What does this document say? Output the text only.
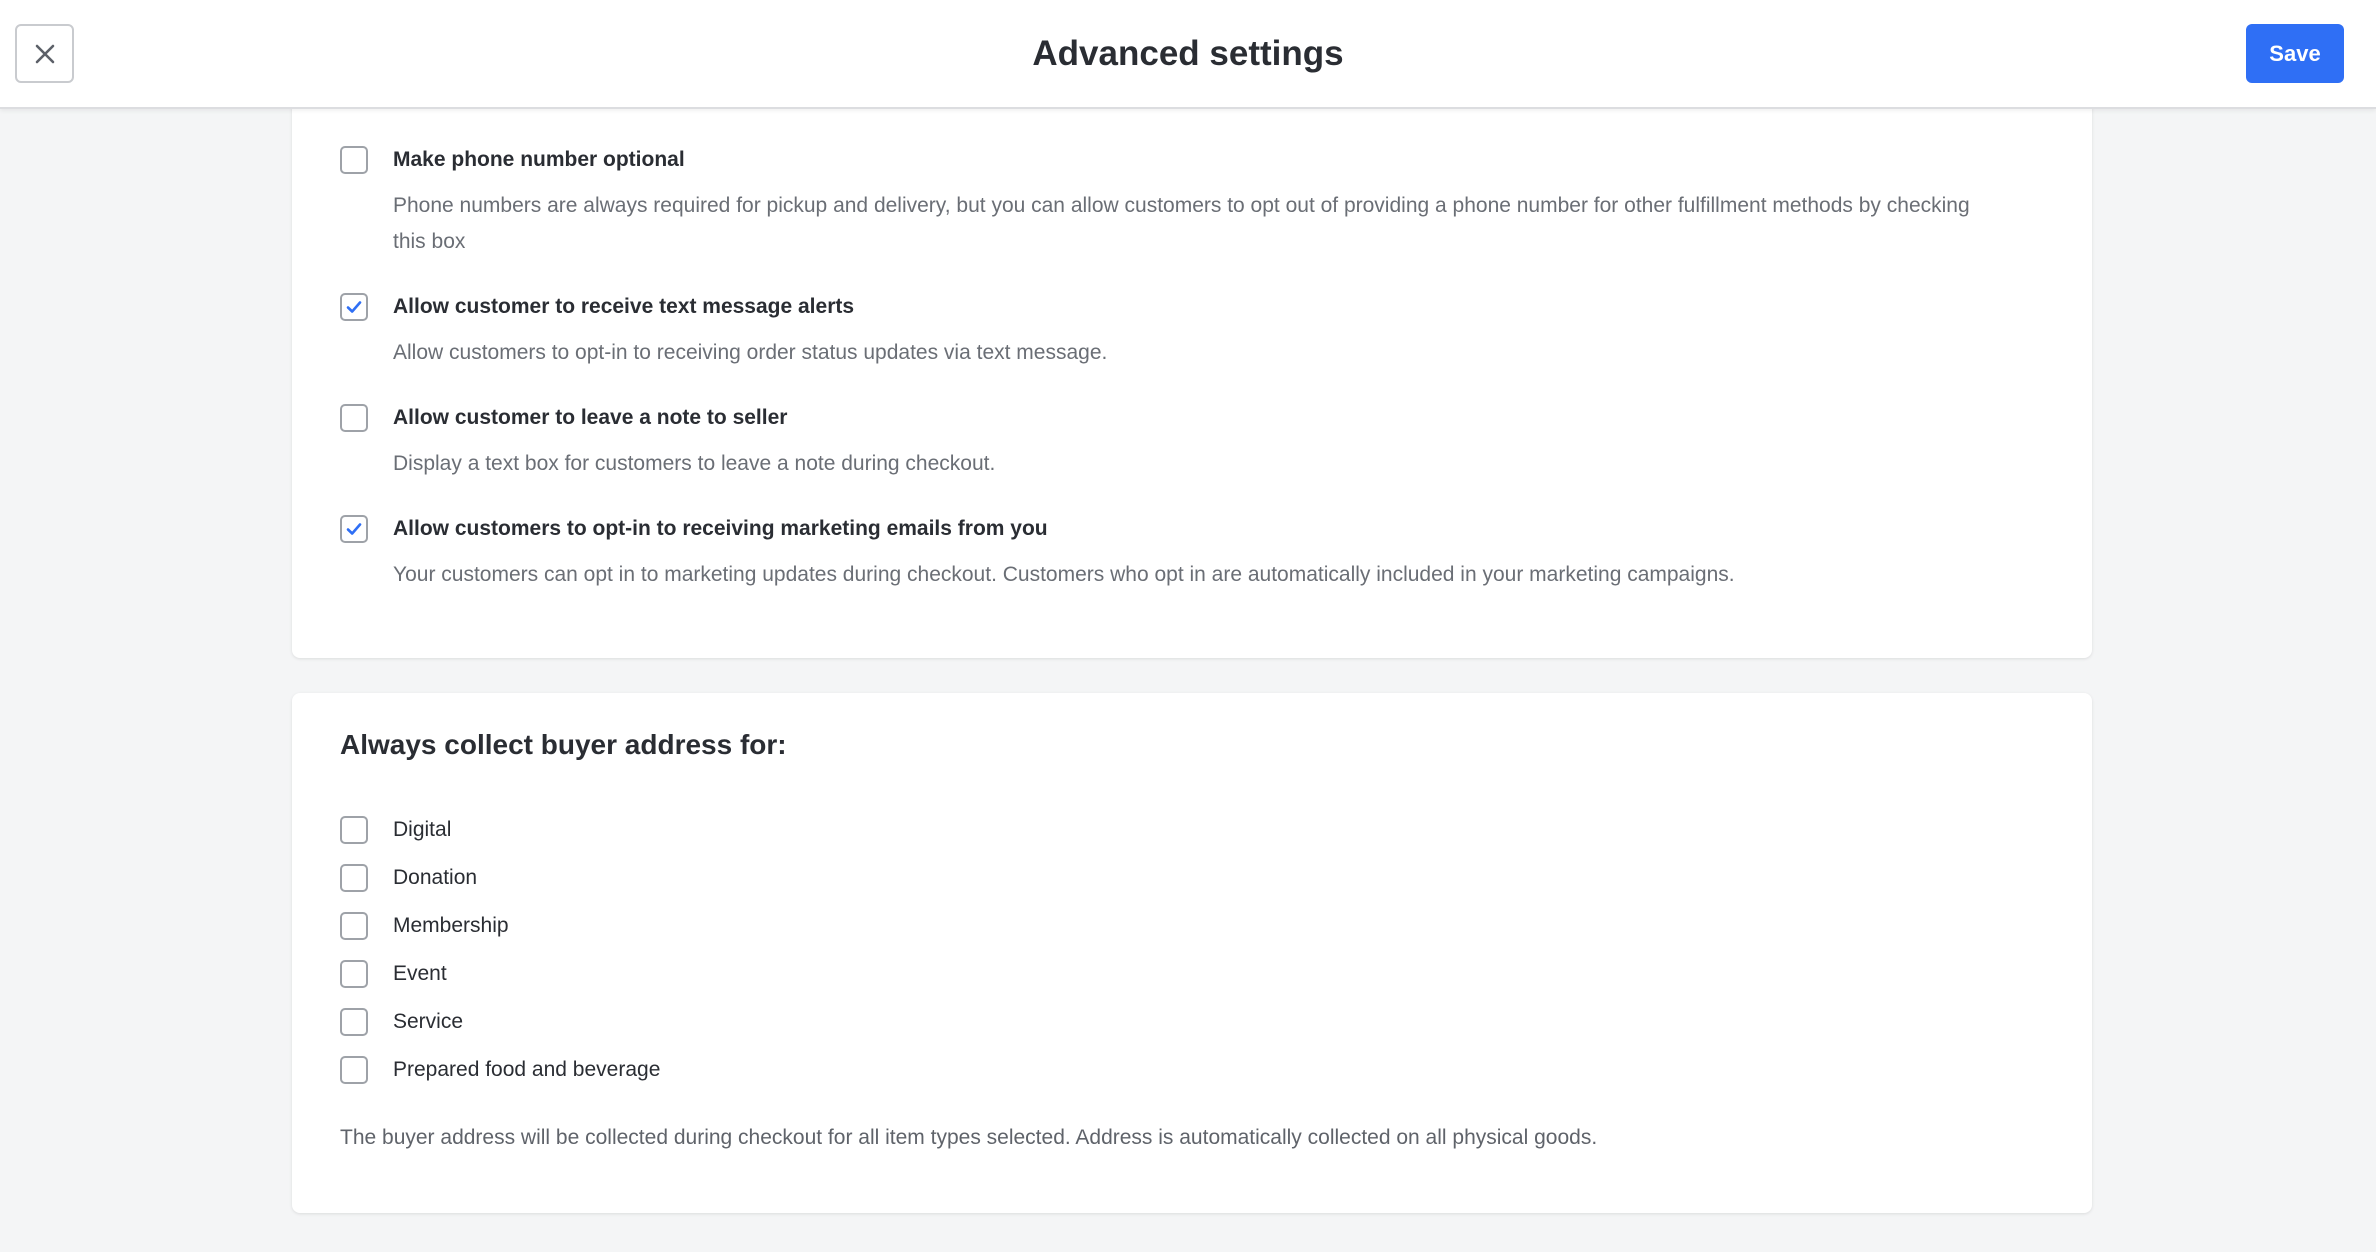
Advanced settings	Save
Make phone number optional
Phone numbers are always required for pickup and delivery, but you can allow customers to opt out of providing a phone number for other fulfillment methods by checking this box
Allow customer to receive text message alerts
Allow customers to opt-in to receiving order status updates via text message.
Allow customer to leave a note to seller
Display a text box for customers to leave a note during checkout.
Allow customers to opt-in to receiving marketing emails from you
Your customers can opt in to marketing updates during checkout. Customers who opt in are automatically included in your marketing campaigns.
Always collect buyer address for:
Digital
Donation
Membership
Event
Service
Prepared food and beverage
The buyer address will be collected during checkout for all item types selected. Address is automatically collected on all physical goods.
